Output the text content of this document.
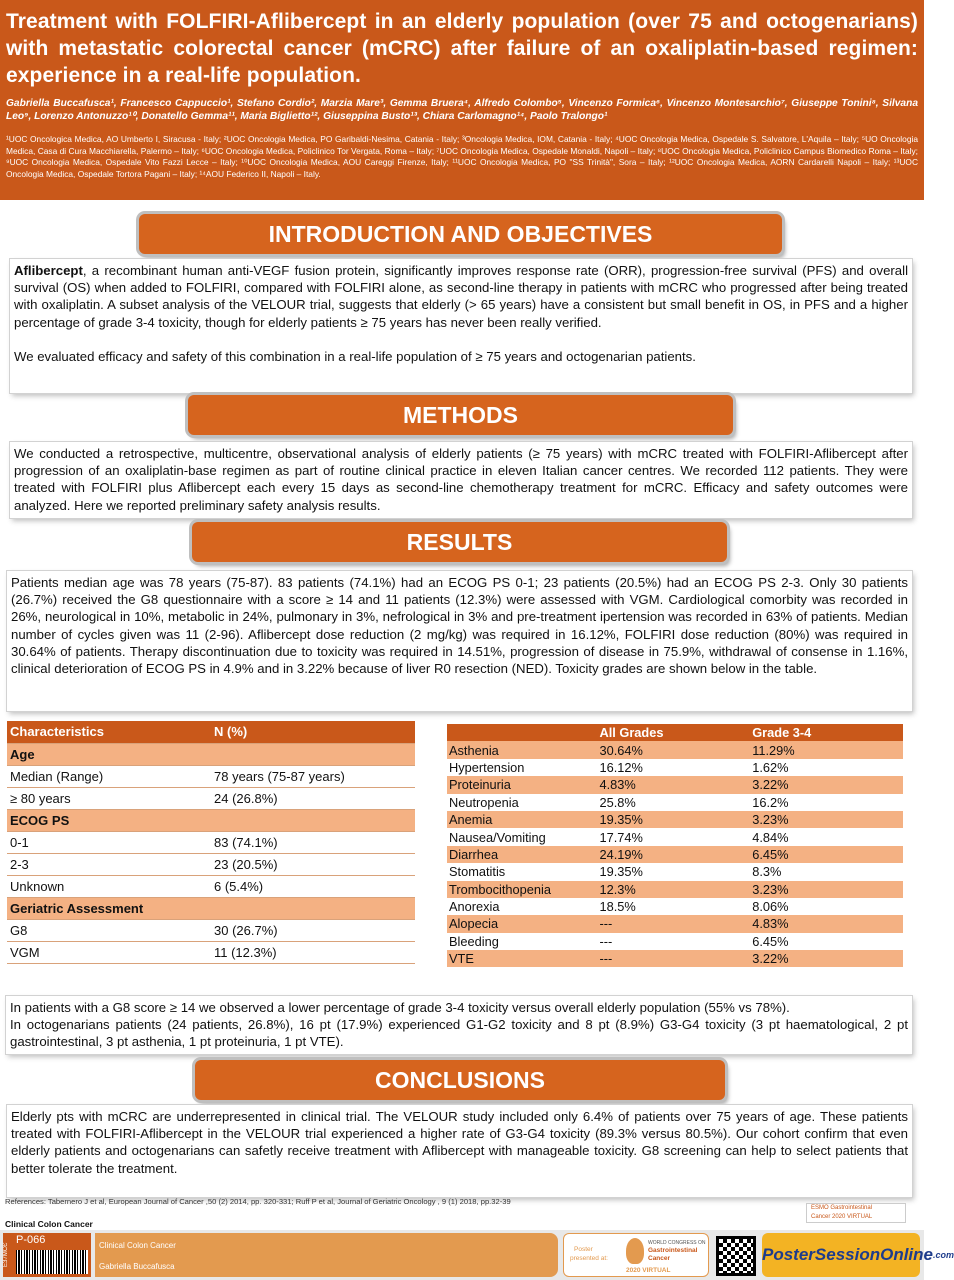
Treatment with FOLFIRI-Aflibercept in an elderly population (over 75 and octogenarians) with metastatic colorectal cancer (mCRC) after failure of an oxaliplatin-based regimen: experience in a real-life population.
Gabriella Buccafusca¹, Francesco Cappuccio¹, Stefano Cordio², Marzia Mare³, Gemma Bruera⁴, Alfredo Colombo⁵, Vincenzo Formica⁶, Vincenzo Montesarchio⁷, Giuseppe Tonini⁸, Silvana Leo⁹, Lorenzo Antonuzzo¹⁰, Donatello Gemma¹¹, Maria Biglietto¹², Giuseppina Busto¹³, Chiara Carlomagno¹⁴, Paolo Tralongo¹
¹UOC Oncologica Medica, AO Umberto I, Siracusa - Italy; ²UOC Oncologia Medica, PO Garibaldi-Nesima, Catania - Italy; ³Oncologia Medica, IOM, Catania - Italy; ⁴UOC Oncologia Medica, Ospedale S. Salvatore, L'Aquila – Italy; ⁵UO Oncologia Medica, Casa di Cura Macchiarella, Palermo – Italy; ⁶UOC Oncologia Medica, Policlinico Tor Vergata, Roma – Italy; ⁷UOC Oncologia Medica, Ospedale Monaldi, Napoli – Italy; ⁸UOC Oncologia Medica, Policlinico Campus Biomedico Roma – Italy; ⁹UOC Oncologia Medica, Ospedale Vito Fazzi Lecce – Italy; ¹⁰UOC Oncologia Medica, AOU Careggi Firenze, Italy; ¹¹UOC Oncologia Medica, PO "SS Trinità", Sora – Italy; ¹²UOC Oncologia Medica, AORN Cardarelli Napoli – Italy; ¹³UOC Oncologia Medica, Ospedale Tortora Pagani – Italy; ¹⁴AOU Federico II, Napoli – Italy.
INTRODUCTION AND OBJECTIVES

Aflibercept, a recombinant human anti-VEGF fusion protein, significantly improves response rate (ORR), progression-free survival (PFS) and overall survival (OS) when added to FOLFIRI, compared with FOLFIRI alone, as second-line therapy in patients with mCRC who progressed after being treated with oxaliplatin. A subset analysis of the VELOUR trial, suggests that elderly (> 65 years) have a consistent but small benefit in OS, in PFS and a higher percentage of grade 3-4 toxicity, though for elderly patients ≥ 75 years has never been really verified.

We evaluated efficacy and safety of this combination in a real-life population of ≥ 75 years and octogenarian patients.

METHODS

We conducted a retrospective, multicentre, observational analysis of elderly patients (≥ 75 years) with mCRC treated with FOLFIRI-Aflibercept after progression of an oxaliplatin-base regimen as part of routine clinical practice in eleven Italian cancer centres. We recorded 112 patients. They were treated with FOLFIRI plus Aflibercept each every 15 days as second-line chemotherapy treatment for mCRC. Efficacy and safety outcomes were analyzed. Here we reported preliminary safety analysis results.

RESULTS

Patients median age was 78 years (75-87). 83 patients (74.1%) had an ECOG PS 0-1; 23 patients (20.5%) had an ECOG PS 2-3. Only 30 patients (26.7%) received the G8 questionnaire with a score ≥ 14 and 11 patients (12.3%) were assessed with VGM. Cardiological comorbity was recorded in 26%, neurological in 10%, metabolic in 24%, pulmonary in 3%, nefrological in 3% and pre-treatment ipertension was recorded in 63% of patients. Median number of cycles given was 11 (2-96). Aflibercept dose reduction (2 mg/kg) was required in 16.12%, FOLFIRI dose reduction (80%) was required in 30.64% of patients. Therapy discontinuation due to toxicity was required in 14.51%, progression of disease in 75.9%, withdrawal of consense in 1.16%, clinical deterioration of ECOG PS in 4.9% and in 3.22% because of liver R0 resection (NED). Toxicity grades are shown below in the table.

Characteristics	N (%)
Age	
Median (Range)	78 years (75-87 years)
≥ 80 years	24 (26.8%)
ECOG PS	
0-1	83 (74.1%)
2-3	23 (20.5%)
Unknown	6 (5.4%)
Geriatric Assessment	
G8	30 (26.7%)
VGM	11 (12.3%)
	All Grades	Grade 3-4
Asthenia	30.64%	11.29%
Hypertension	16.12%	1.62%
Proteinuria	4.83%	3.22%
Neutropenia	25.8%	16.2%
Anemia	19.35%	3.23%
Nausea/Vomiting	17.74%	4.84%
Diarrhea	24.19%	6.45%
Stomatitis	19.35%	8.3%
Trombocithopenia	12.3%	3.23%
Anorexia	18.5%	8.06%
Alopecia	---	4.83%
Bleeding	---	6.45%
VTE	---	3.22%

In patients with a G8 score ≥ 14 we observed a lower percentage of grade 3-4 toxicity versus overall elderly population (55% vs 78%).

In octogenarians patients (24 patients, 26.8%), 16 pt (17.9%) experienced G1-G2 toxicity and 8 pt (8.9%) G3-G4 toxicity (3 pt haematological, 2 pt gastrointestinal, 3 pt asthenia, 1 pt proteinuria, 1 pt VTE).

CONCLUSIONS

Elderly pts with mCRC are underrepresented in clinical trial. The VELOUR study included only 6.4% of patients over 75 years of age. These patients treated with FOLFIRI-Aflibercept in the VELOUR trial experienced a higher rate of G3-G4 toxicity (89.3% versus 80.5%). Our cohort confirm that even elderly patients and octogenarians can safetly receive treatment with Aflibercept with manageable toxicity. G8 screening can help to select patients that better tolerate the treatment.

References: Tabernero J et al, European Journal of Cancer ,50 (2) 2014, pp. 320-331; Ruff P et al, Journal of Geriatric Oncology , 9 (1) 2018, pp.32-39
ESMO Gastrointestinal
Cancer 2020 VIRTUAL
Clinical Colon Cancer
ЕЗ7МСЄ
P-066	Clinical Colon Cancer
Gabriella Buccafusca
Poster
presented at:
WORLD CONGRESS ON
Gastrointestinal
Cancer
2020 VIRTUAL
PosterSessionOnline$^{.com}$
